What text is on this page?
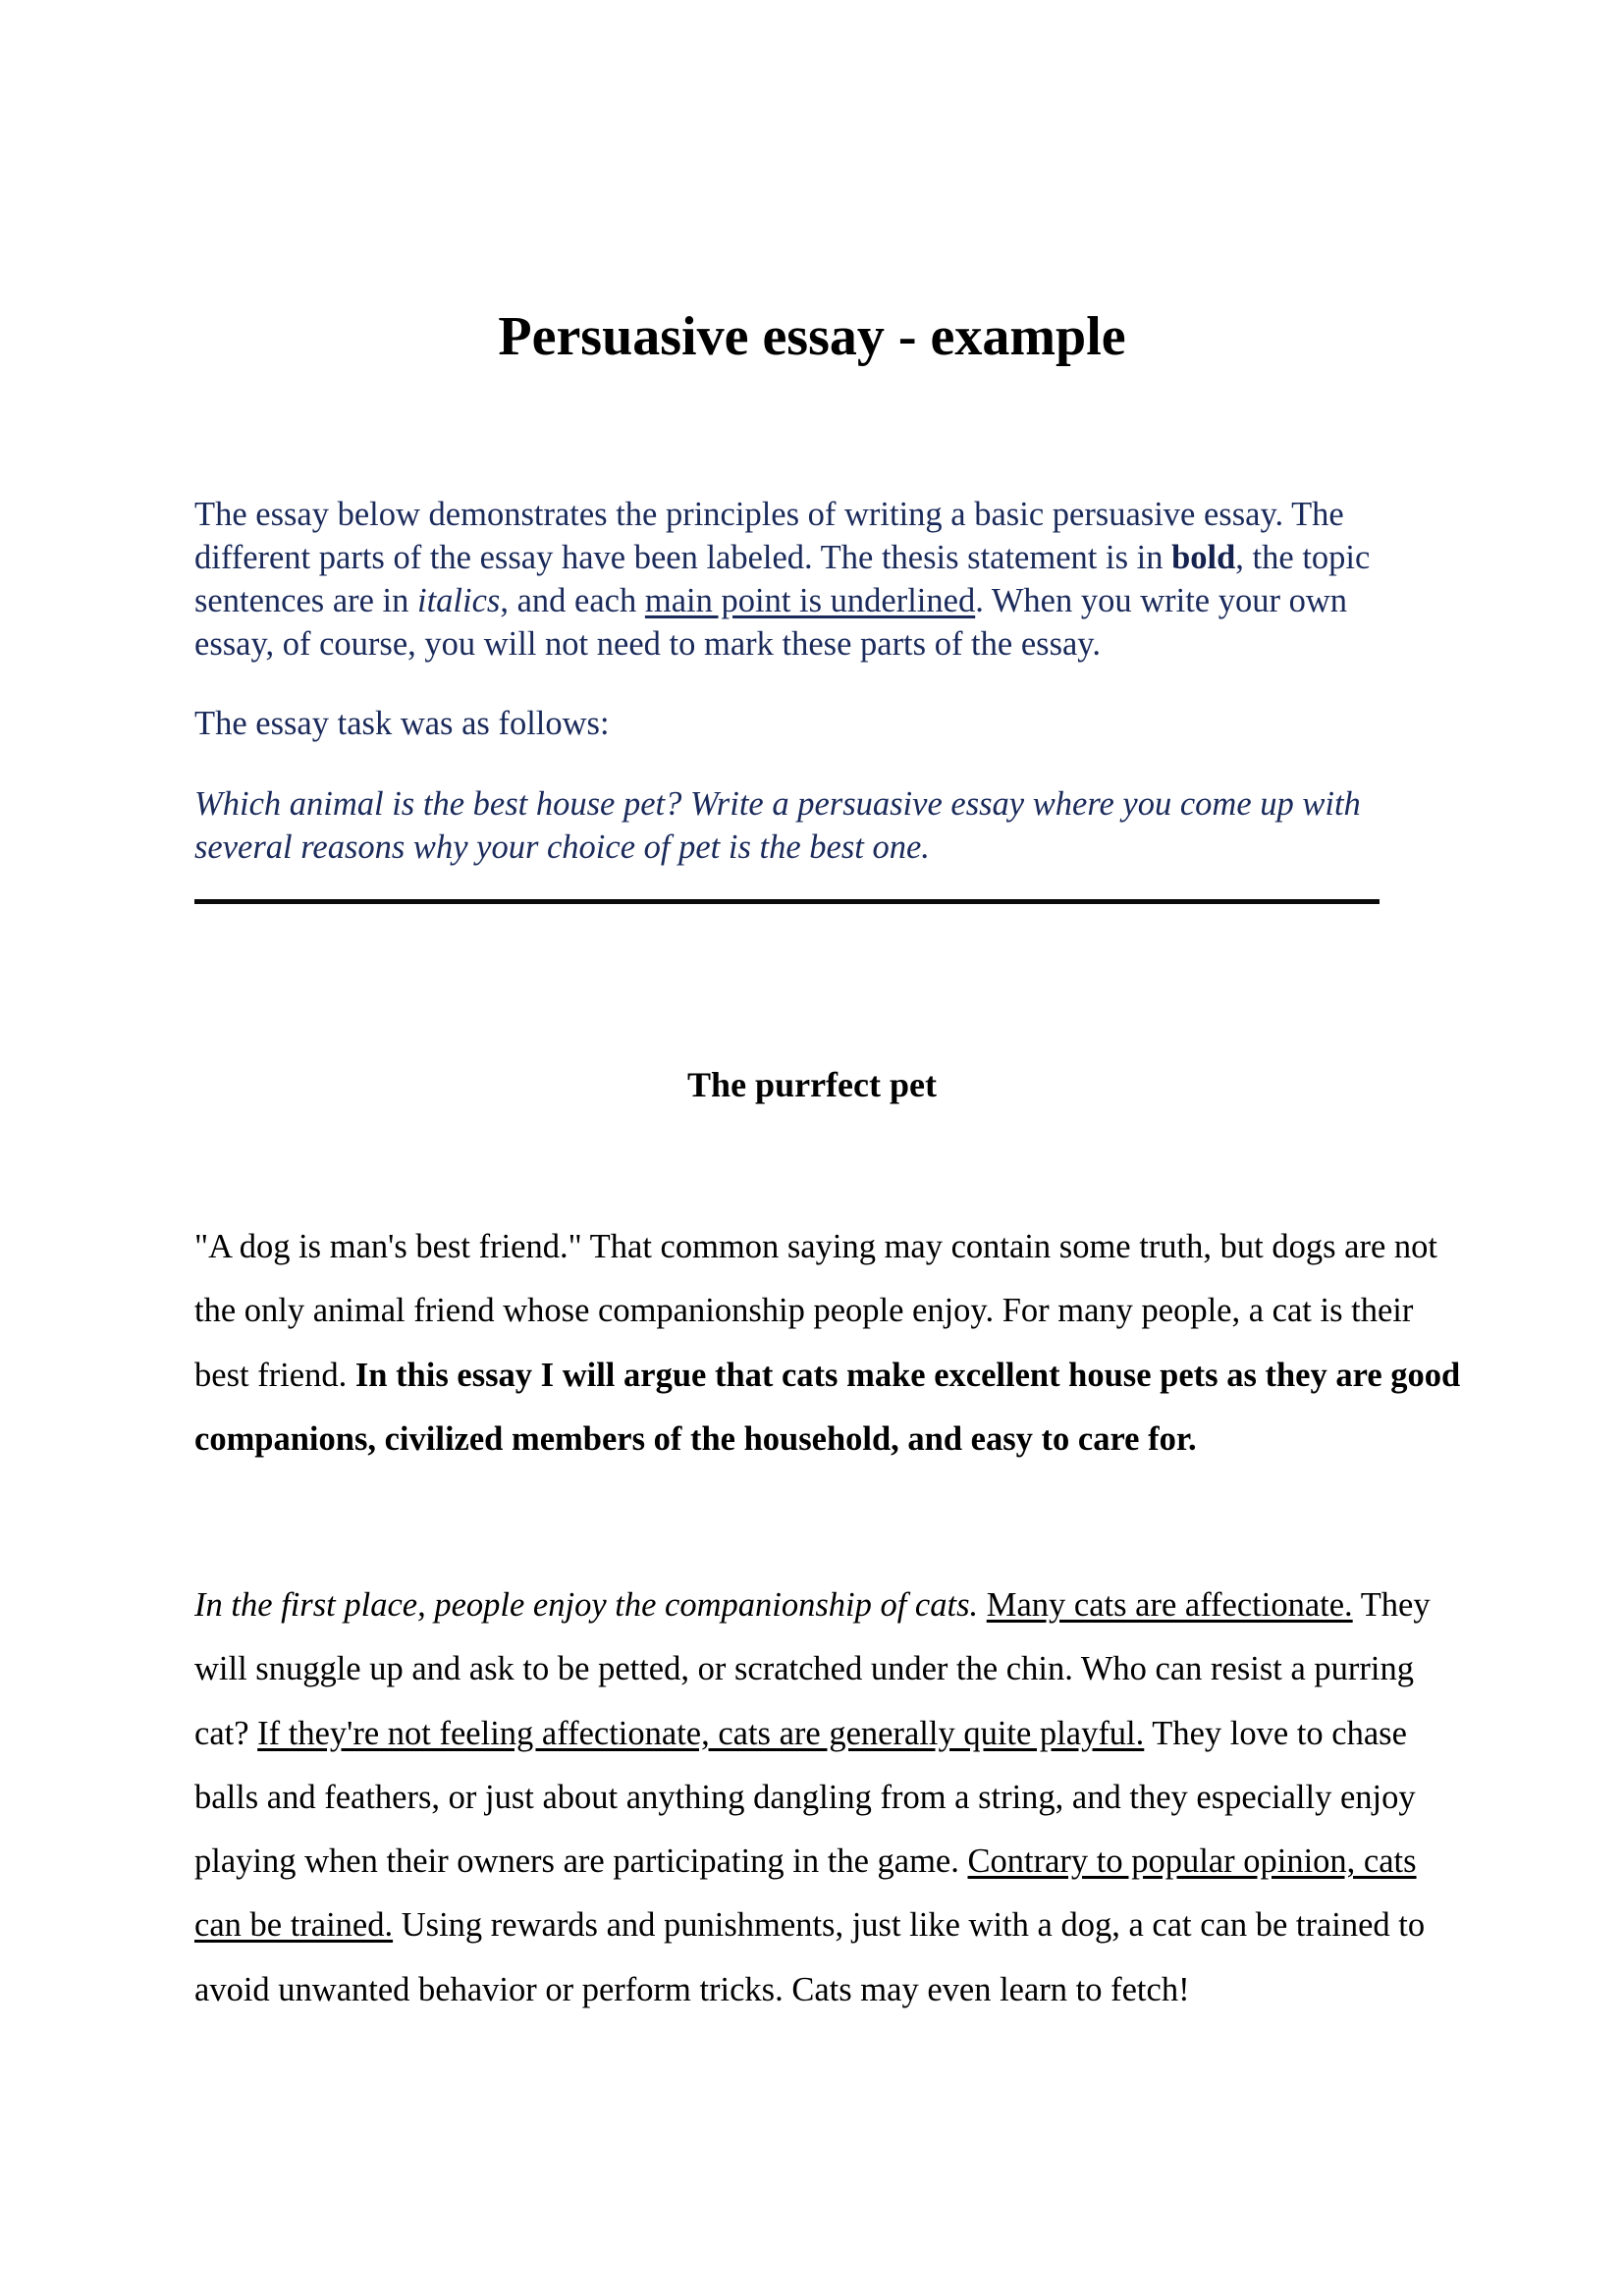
Persuasive essay - example

The essay below demonstrates the principles of writing a basic persuasive essay. The different parts of the essay have been labeled. The thesis statement is in bold, the topic sentences are in italics, and each main point is underlined. When you write your own essay, of course, you will not need to mark these parts of the essay.

The essay task was as follows:

Which animal is the best house pet? Write a persuasive essay where you come up with several reasons why your choice of pet is the best one.

The purrfect pet

"A dog is man's best friend." That common saying may contain some truth, but dogs are not the only animal friend whose companionship people enjoy. For many people, a cat is their best friend. In this essay I will argue that cats make excellent house pets as they are good companions, civilized members of the household, and easy to care for.

In the first place, people enjoy the companionship of cats. Many cats are affectionate. They will snuggle up and ask to be petted, or scratched under the chin. Who can resist a purring cat? If they're not feeling affectionate, cats are generally quite playful. They love to chase balls and feathers, or just about anything dangling from a string, and they especially enjoy playing when their owners are participating in the game. Contrary to popular opinion, cats can be trained. Using rewards and punishments, just like with a dog, a cat can be trained to avoid unwanted behavior or perform tricks. Cats may even learn to fetch!
